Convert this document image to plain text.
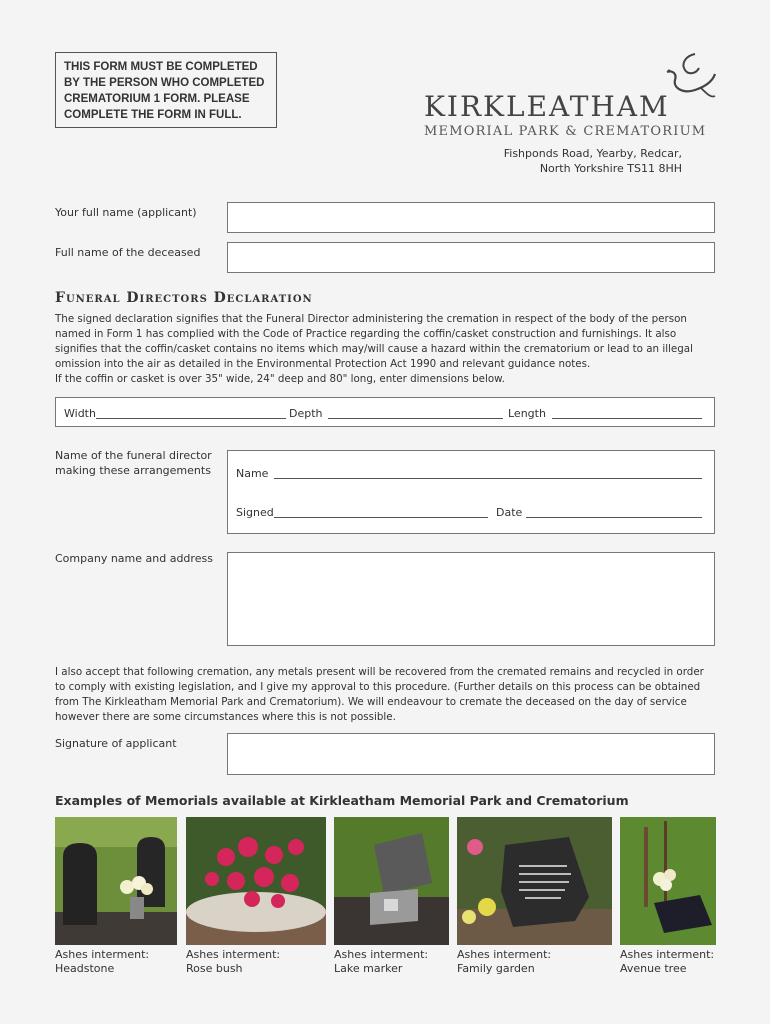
THIS FORM MUST BE COMPLETED BY THE PERSON WHO COMPLETED CREMATORIUM 1 FORM. PLEASE COMPLETE THE FORM IN FULL.	KIRKLEATHAM
MEMORIAL PARK & CREMATORIUM
Fishponds Road, Yearby, Redcar,
North Yorkshire TS11 8HH
Your full name (applicant)
Full name of the deceased
Funeral Directors Declaration
The signed declaration signifies that the Funeral Director administering the cremation in respect of the body of the person named in Form 1 has complied with the Code of Practice regarding the coffin/casket construction and furnishings. It also signifies that the coffin/casket contains no items which may/will cause a hazard within the crematorium or lead to an illegal omission into the air as detailed in the Environmental Protection Act 1990 and relevant guidance notes.
If the coffin or casket is over 35" wide, 24" deep and 80" long, enter dimensions below.
Width	Depth	Length
Name of the funeral director making these arrangements	Name
Signed	Date
Company name and address
I also accept that following cremation, any metals present will be recovered from the cremated remains and recycled in order to comply with existing legislation, and I give my approval to this procedure. (Further details on this process can be obtained from The Kirkleatham Memorial Park and Crematorium). We will endeavour to cremate the deceased on the day of service however there are some circumstances where this is not possible.
Signature of applicant
Examples of Memorials available at Kirkleatham Memorial Park and Crematorium
Ashes interment:
Headstone
Ashes interment:
Rose bush
Ashes interment:
Lake marker
Ashes interment:
Family garden
Ashes interment:
Avenue tree
